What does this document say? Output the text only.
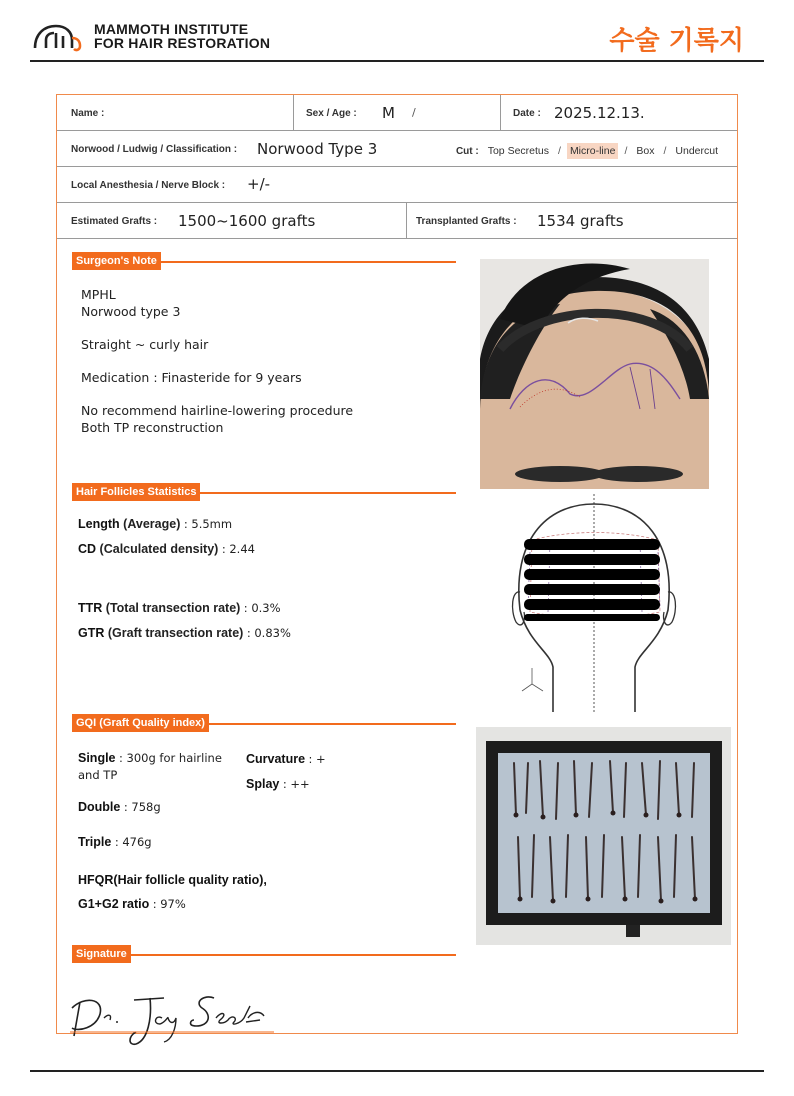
MAMMOTH INSTITUTE
FOR HAIR RESTORATION	수술 기록지
Name :	Sex / Age : M /	Date : 2025.12.13.
Norwood / Ludwig / Classification : Norwood Type 3	Cut : Top Secretus / Micro-line / Box / Undercut
Local Anesthesia / Nerve Block : +/-
Estimated Grafts : 1500~1600 grafts	Transplanted Grafts : 1534 grafts
Surgeon's Note
MPHL
Norwood type 3
Straight ~ curly hair
Medication : Finasteride for 9 years
No recommend hairline-lowering procedure
Both TP reconstruction
Hair Follicles Statistics
Length (Average) : 5.5mm
CD (Calculated density) : 2.44
TTR (Total transection rate) : 0.3%
GTR (Graft transection rate) : 0.83%
GQI (Graft Quality index)
Single : 300g for hairline
and TP
Curvature : +
Splay : ++
Double : 758g
Triple : 476g
HFQR(Hair follicle quality ratio),
G1+G2 ratio : 97%
Signature
